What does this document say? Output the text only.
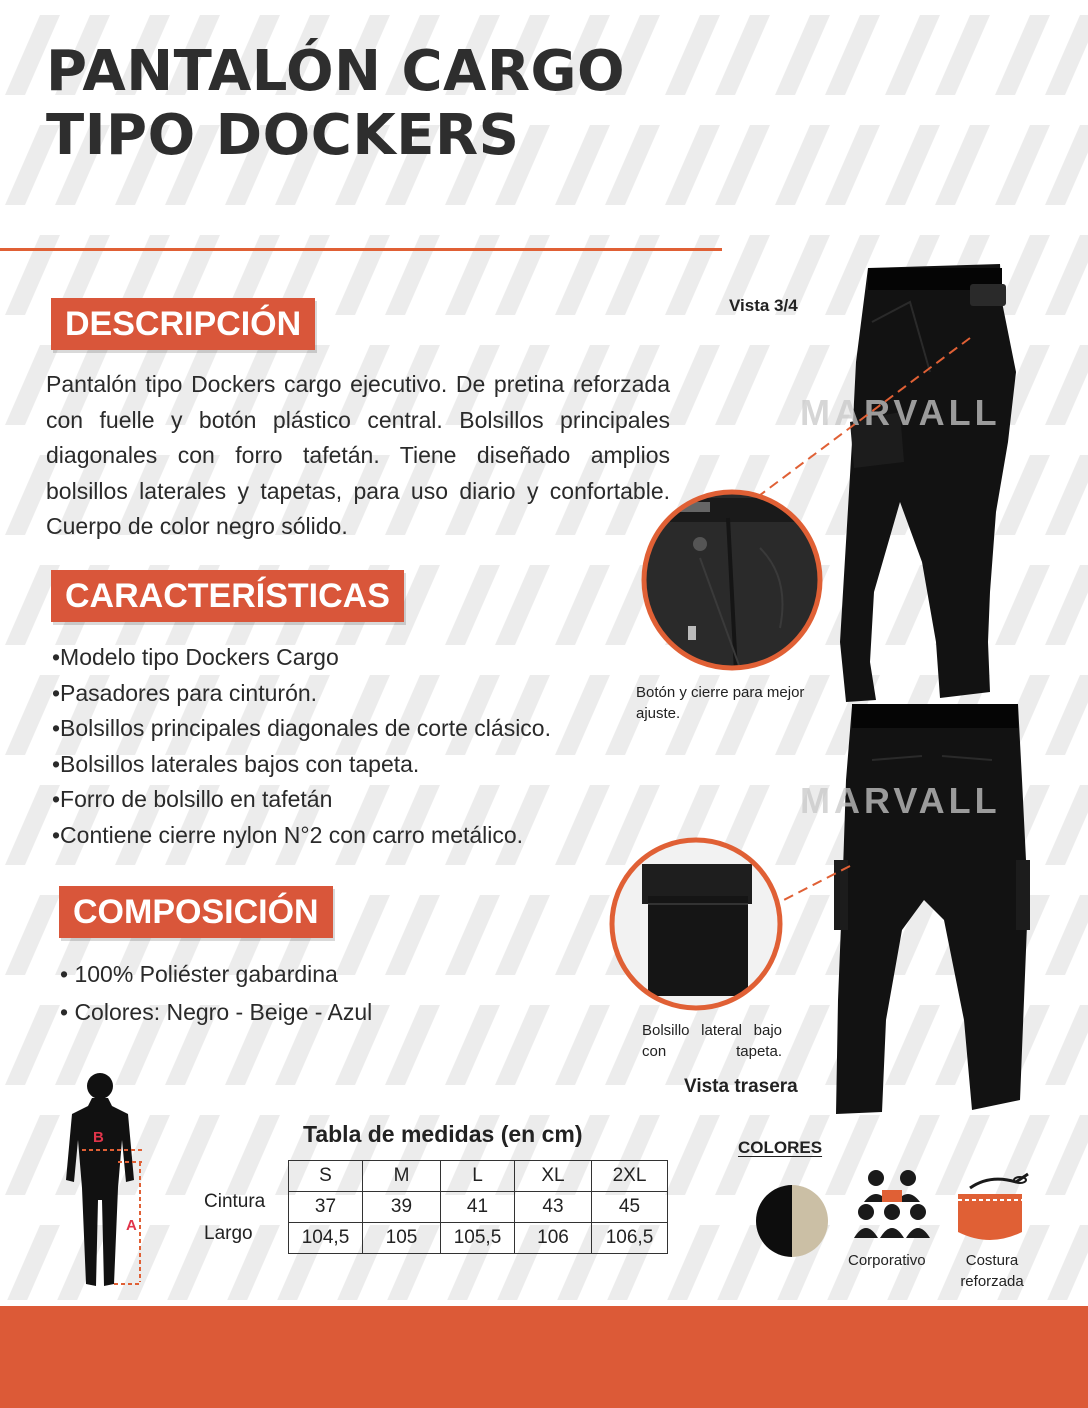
PANTALÓN CARGO
TIPO DOCKERS
DESCRIPCIÓN

Pantalón tipo Dockers cargo ejecutivo. De pretina reforzada con fuelle y botón plástico central. Bolsillos principales diagonales con forro tafetán. Tiene diseñado amplios bolsillos laterales y tapetas, para uso diario y confortable. Cuerpo de color negro sólido.

CARACTERÍSTICAS
•Modelo tipo Dockers Cargo
•Pasadores para cinturón.
•Bolsillos principales diagonales de corte clásico.
•Bolsillos laterales bajos con tapeta.
•Forro de bolsillo en tafetán
•Contiene cierre nylon N°2 con carro metálico.
COMPOSICIÓN
• 100% Poliéster gabardina
• Colores: Negro - Beige - Azul
Vista 3/4
MARVALL
Botón y cierre para mejor ajuste.
MARVALL
Bolsillo lateral bajo con tapeta.
Vista trasera
B
A
Tabla de medidas (en cm)
Cintura
Largo
S	M	L	XL	2XL
37	39	41	43	45
104,5	105	105,5	106	106,5
COLORES
Corporativo	Costura reforzada
